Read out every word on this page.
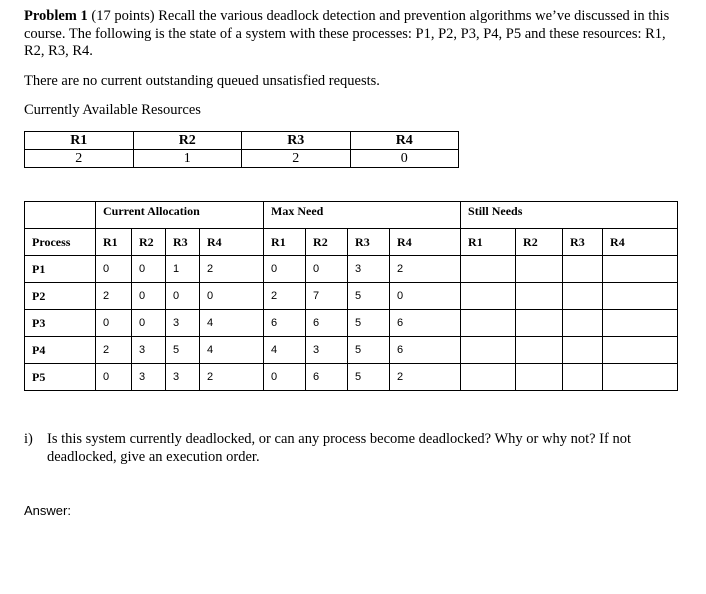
Problem 1 (17 points) Recall the various deadlock detection and prevention algorithms we’ve discussed in this course. The following is the state of a system with these processes: P1, P2, P3, P4, P5 and these resources: R1, R2, R3, R4.

There are no current outstanding queued unsatisfied requests.

Currently Available Resources

R1	R2	R3	R4
2	1	2	0
	Current Allocation				Max Need				Still Needs			
Process	R1	R2	R3	R4	R1	R2	R3	R4	R1	R2	R3	R4
P1	0	0	1	2	0	0	3	2				
P2	2	0	0	0	2	7	5	0				
P3	0	0	3	4	6	6	5	6				
P4	2	3	5	4	4	3	5	6				
P5	0	3	3	2	0	6	5	2				
i) Is this system currently deadlocked, or can any process become deadlocked? Why or why not? If not deadlocked, give an execution order.
Answer:
